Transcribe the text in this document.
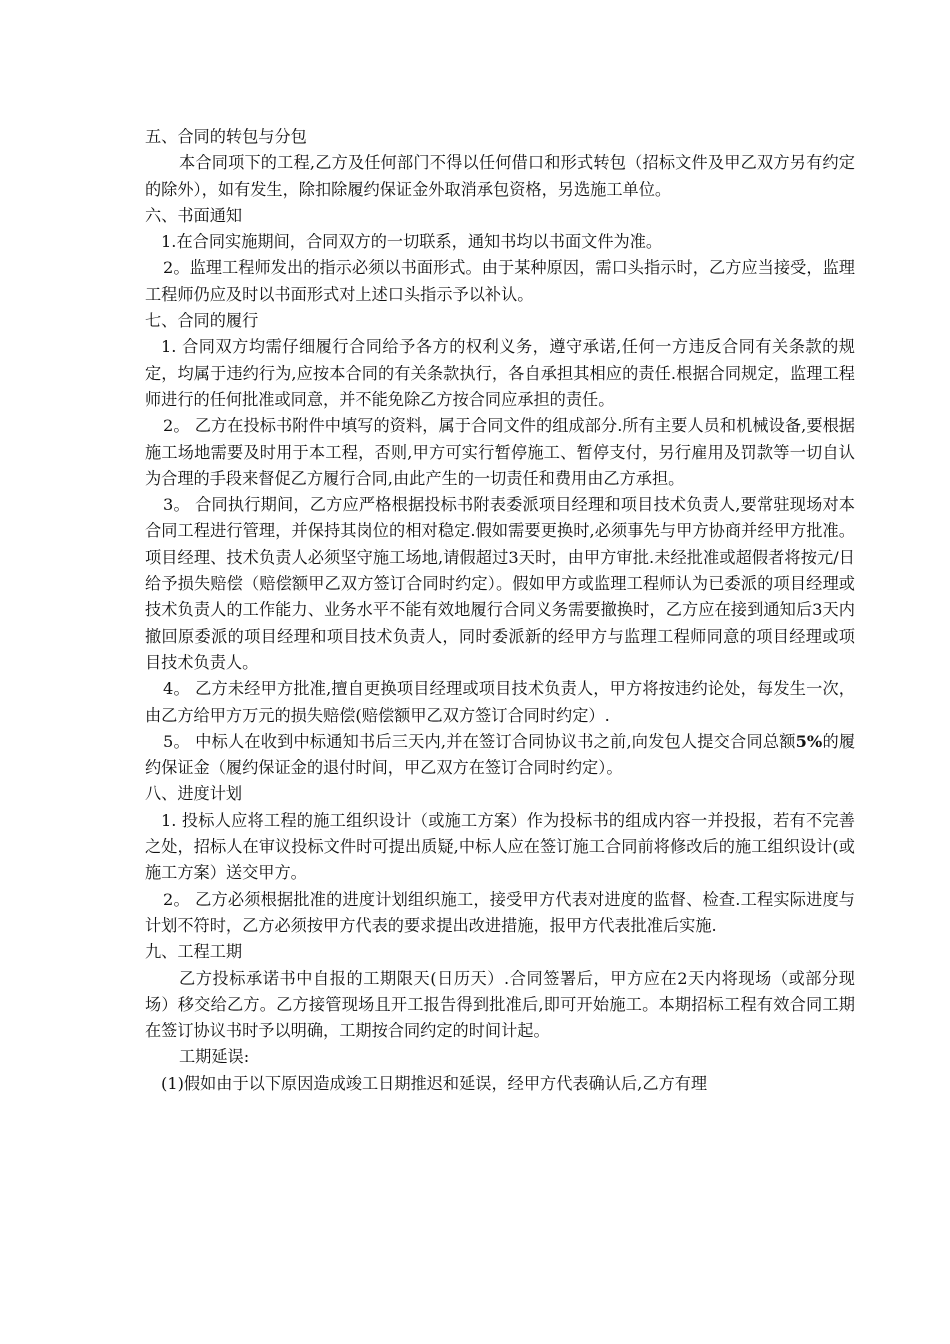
五、合同的转包与分包

本合同项下的工程,乙方及任何部门不得以任何借口和形式转包（招标文件及甲乙双方另有约定的除外），如有发生，除扣除履约保证金外取消承包资格，另选施工单位。

六、书面通知

1.在合同实施期间，合同双方的一切联系，通知书均以书面文件为准。

2。监理工程师发出的指示必须以书面形式。由于某种原因，需口头指示时，乙方应当接受，监理工程师仍应及时以书面形式对上述口头指示予以补认。

七、合同的履行

1. 合同双方均需仔细履行合同给予各方的权利义务，遵守承诺,任何一方违反合同有关条款的规定，均属于违约行为,应按本合同的有关条款执行，各自承担其相应的责任.根据合同规定，监理工程师进行的任何批准或同意，并不能免除乙方按合同应承担的责任。

2。 乙方在投标书附件中填写的资料，属于合同文件的组成部分.所有主要人员和机械设备,要根据施工场地需要及时用于本工程，否则,甲方可实行暂停施工、暂停支付，另行雇用及罚款等一切自认为合理的手段来督促乙方履行合同,由此产生的一切责任和费用由乙方承担。

3。 合同执行期间，乙方应严格根据投标书附表委派项目经理和项目技术负责人,要常驻现场对本合同工程进行管理，并保持其岗位的相对稳定.假如需要更换时,必须事先与甲方协商并经甲方批准。项目经理、技术负责人必须坚守施工场地,请假超过3天时，由甲方审批.未经批准或超假者将按元/日给予损失赔偿（赔偿额甲乙双方签订合同时约定）。假如甲方或监理工程师认为已委派的项目经理或技术负责人的工作能力、业务水平不能有效地履行合同义务需要撤换时，乙方应在接到通知后3天内撤回原委派的项目经理和项目技术负责人，同时委派新的经甲方与监理工程师同意的项目经理或项目技术负责人。

4。 乙方未经甲方批准,擅自更换项目经理或项目技术负责人，甲方将按违约论处，每发生一次，由乙方给甲方万元的损失赔偿(赔偿额甲乙双方签订合同时约定）.

5。 中标人在收到中标通知书后三天内,并在签订合同协议书之前,向发包人提交合同总额5%的履约保证金（履约保证金的退付时间，甲乙双方在签订合同时约定）。

八、进度计划

1. 投标人应将工程的施工组织设计（或施工方案）作为投标书的组成内容一并投报，若有不完善之处，招标人在审议投标文件时可提出质疑,中标人应在签订施工合同前将修改后的施工组织设计(或施工方案）送交甲方。

2。 乙方必须根据批准的进度计划组织施工，接受甲方代表对进度的监督、检查.工程实际进度与计划不符时，乙方必须按甲方代表的要求提出改进措施，报甲方代表批准后实施.

九、工程工期

乙方投标承诺书中自报的工期限天(日历天）.合同签署后，甲方应在2天内将现场（或部分现场）移交给乙方。乙方接管现场且开工报告得到批准后,即可开始施工。本期招标工程有效合同工期在签订协议书时予以明确，工期按合同约定的时间计起。

工期延误:

(1)假如由于以下原因造成竣工日期推迟和延误，经甲方代表确认后,乙方有理
